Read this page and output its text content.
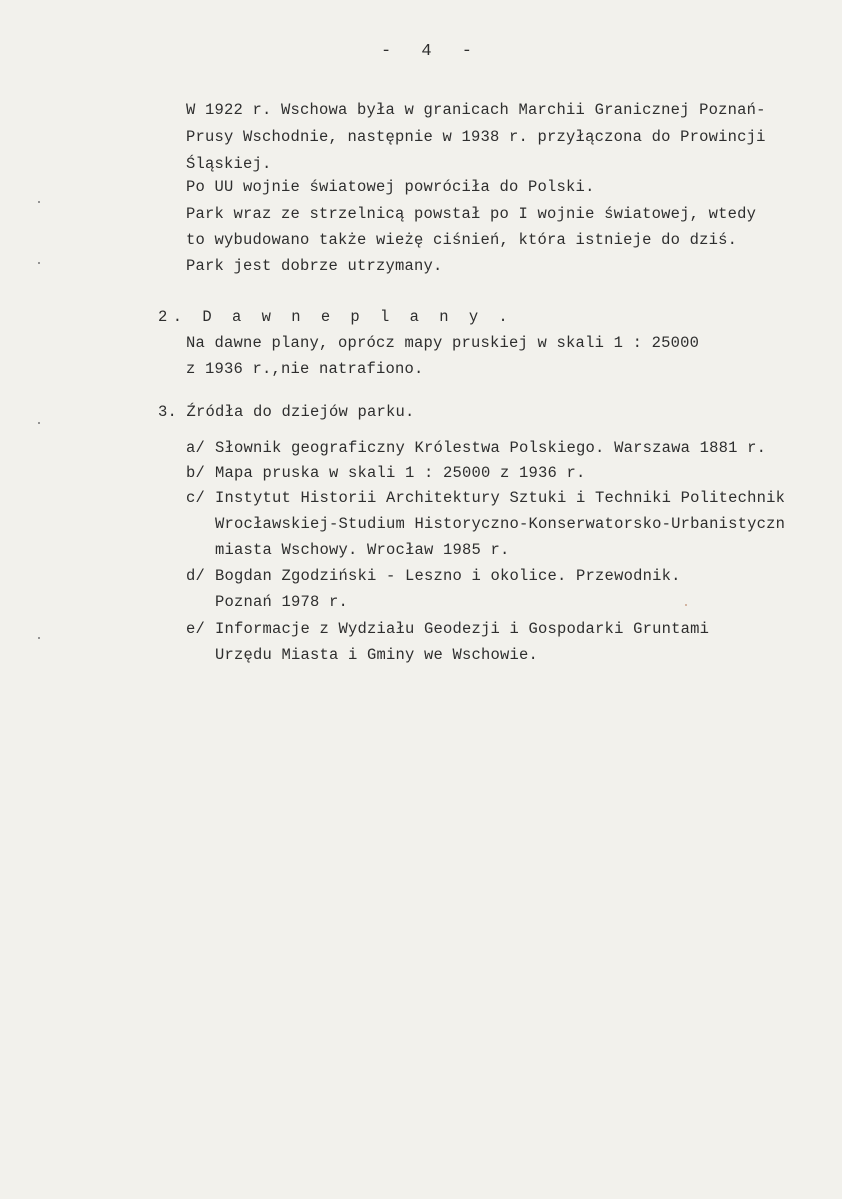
- 4 -
W 1922 r. Wschowa była w granicach Marchii Granicznej Poznań-
Prusy Wschodnie, następnie w 1938 r. przyłączona do Prowincji
Śląskiej.
Po UU wojnie światowej powróciła do Polski.
Park wraz ze strzelnicą powstał po I wojnie światowej, wtedy
to wybudowano także wieżę ciśnień, która istnieje do dziś.
Park jest dobrze utrzymany.
2. D a w n e p l a n y .
Na dawne plany, oprócz mapy pruskiej w skali 1 : 25000
z 1936 r.,nie natrafiono.
3. Źródła do dziejów parku.
a/ Słownik geograficzny Królestwa Polskiego. Warszawa 1881 r.
b/ Mapa pruska w skali 1 : 25000 z 1936 r.
c/ Instytut Historii Architektury Sztuki i Techniki Politechnik
Wrocławskiej-Studium Historyczno-Konserwatorsko-Urbanistyczn
miasta Wschowy. Wrocław 1985 r.
d/ Bogdan Zgodziński - Leszno i okolice. Przewodnik.
Poznań 1978 r.
e/ Informacje z Wydziału Geodezji i Gospodarki Gruntami
Urzędu Miasta i Gminy we Wschowie.
